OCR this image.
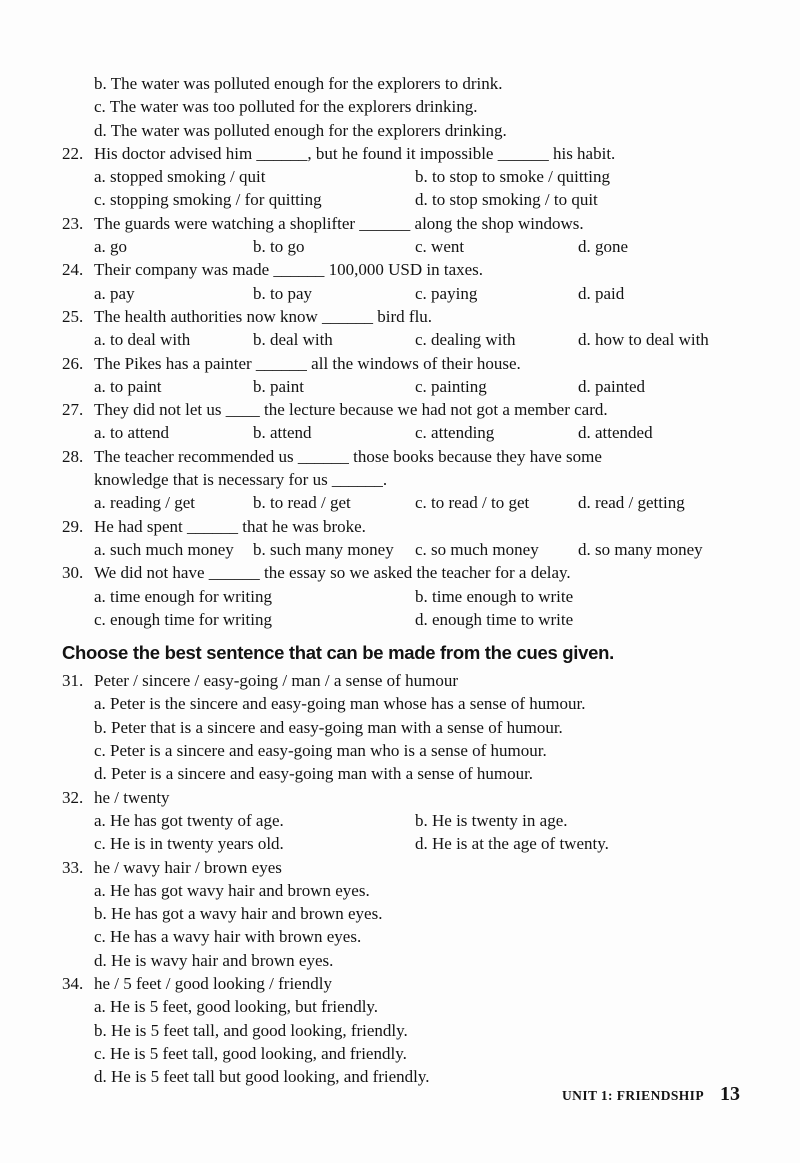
b. The water was polluted enough for the explorers to drink.
c. The water was too polluted for the explorers drinking.
d. The water was polluted enough for the explorers drinking.
22. His doctor advised him ______, but he found it impossible ______ his habit.
a. stopped smoking / quit	b. to stop to smoke / quitting
c. stopping smoking / for quitting	d. to stop smoking / to quit
23. The guards were watching a shoplifter ______ along the shop windows.
a. go	b. to go	c. went	d. gone
24. Their company was made ______ 100,000 USD in taxes.
a. pay	b. to pay	c. paying	d. paid
25. The health authorities now know ______ bird flu.
a. to deal with	b. deal with	c. dealing with	d. how to deal with
26. The Pikes has a painter ______ all the windows of their house.
a. to paint	b. paint	c. painting	d. painted
27. They did not let us ____ the lecture because we had not got a member card.
a. to attend	b. attend	c. attending	d. attended
28. The teacher recommended us ______ those books because they have some
knowledge that is necessary for us ______.
a. reading / get	b. to read / get	c. to read / to get	d. read / getting
29. He had spent ______ that he was broke.
a. such much money	b. such many money	c. so much money	d. so many money
30. We did not have ______ the essay so we asked the teacher for a delay.
a. time enough for writing	b. time enough to write
c. enough time for writing	d. enough time to write
Choose the best sentence that can be made from the cues given.
31. Peter / sincere / easy-going / man / a sense of humour
a. Peter is the sincere and easy-going man whose has a sense of humour.
b. Peter that is a sincere and easy-going man with a sense of humour.
c. Peter is a sincere and easy-going man who is a sense of humour.
d. Peter is a sincere and easy-going man with a sense of humour.
32. he / twenty
a. He has got twenty of age.	b. He is twenty in age.
c. He is in twenty years old.	d. He is at the age of twenty.
33. he / wavy hair / brown eyes
a. He has got wavy hair and brown eyes.
b. He has got a wavy hair and brown eyes.
c. He has a wavy hair with brown eyes.
d. He is wavy hair and brown eyes.
34. he / 5 feet / good looking / friendly
a. He is 5 feet, good looking, but friendly.
b. He is 5 feet tall, and good looking, friendly.
c. He is 5 feet tall, good looking, and friendly.
d. He is 5 feet tall but good looking, and friendly.
UNIT 1: FRIENDSHIP 13
